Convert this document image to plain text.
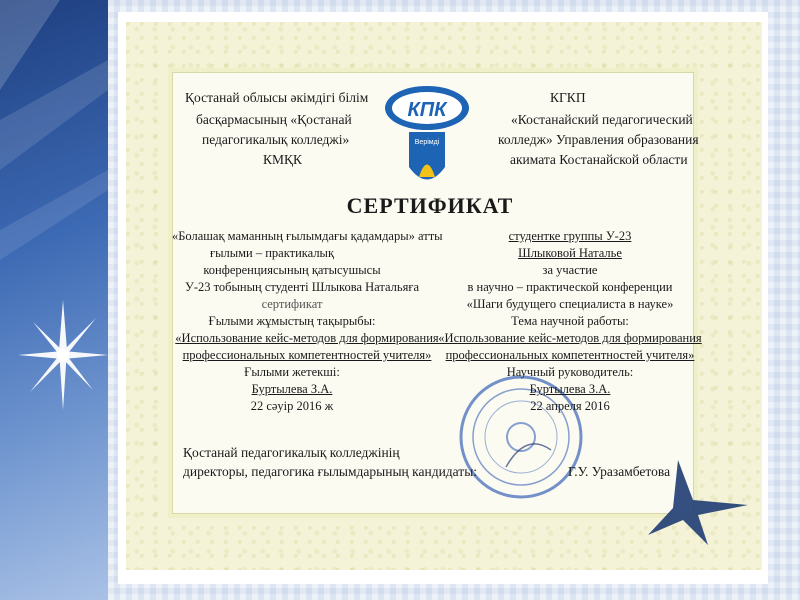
Қостанай облысы әкімдігі білім
басқармасының «Қостанай
педагогикалық колледжі»
КМҚК
КПК
Верімді
КГКП
«Костанайский педагогический
колледж» Управления образования
акимата Костанайской области
СЕРТИФИКАТ
«Болашақ маманның ғылымдағы қадамдары» атты
ғылыми – практикалық
конференциясының қатысушысы
У-23 тобының студенті Шлыкова Натальяға
сертификат
Ғылыми жұмыстың тақырыбы:
«Использование кейс-методов для формирования
профессиональных компетентностей учителя»
Ғылыми жетекші:
Буртылева З.А.
22 сәуір 2016 ж
студентке группы У-23
Шлыковой Наталье
за участие
в научно – практической конференции
«Шаги будущего специалиста в науке»
Тема научной работы:
«Использование кейс-методов для формирования
профессиональных компетентностей учителя»
Научный руководитель:
Буртылева З.А.
22 апреля 2016
Қостанай педагогикалық колледжінің
директоры, педагогика ғылымдарының кандидаты:	Г.У. Уразамбетова
